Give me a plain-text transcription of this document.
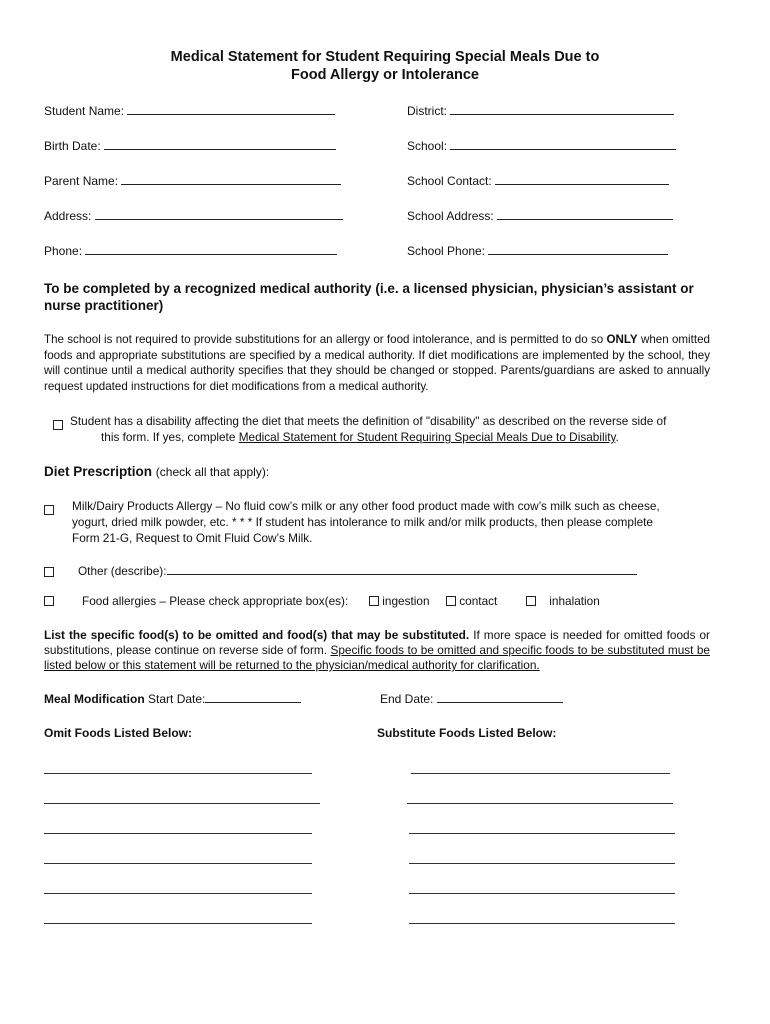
Medical Statement for Student Requiring Special Meals Due to
Food Allergy or Intolerance
Student Name:	District:
Birth Date:	School:
Parent Name:	School Contact:
Address:	School Address:
Phone:	School Phone:
To be completed by a recognized medical authority (i.e. a licensed physician, physician’s assistant or nurse practitioner)
The school is not required to provide substitutions for an allergy or food intolerance, and is permitted to do so ONLY when omitted foods and appropriate substitutions are specified by a medical authority. If diet modifications are implemented by the school, they will continue until a medical authority specifies that they should be changed or stopped. Parents/guardians are asked to annually request updated instructions for diet modifications from a medical authority.
Student has a disability affecting the diet that meets the definition of "disability" as described on the reverse side of
this form. If yes, complete Medical Statement for Student Requiring Special Meals Due to Disability.
Diet Prescription (check all that apply):
Milk/Dairy Products Allergy – No fluid cow’s milk or any other food product made with cow’s milk such as cheese,
yogurt, dried milk powder, etc. * * * If student has intolerance to milk and/or milk products, then please complete
Form 21-G, Request to Omit Fluid Cow’s Milk.
Other (describe):
Food allergies – Please check appropriate box(es):	ingestion	contact	inhalation
List the specific food(s) to be omitted and food(s) that may be substituted. If more space is needed for omitted foods or substitutions, please continue on reverse side of form. Specific foods to be omitted and specific foods to be substituted must be listed below or this statement will be returned to the physician/medical authority for clarification.
Meal Modification Start Date:	End Date:
Omit Foods Listed Below:	Substitute Foods Listed Below:
